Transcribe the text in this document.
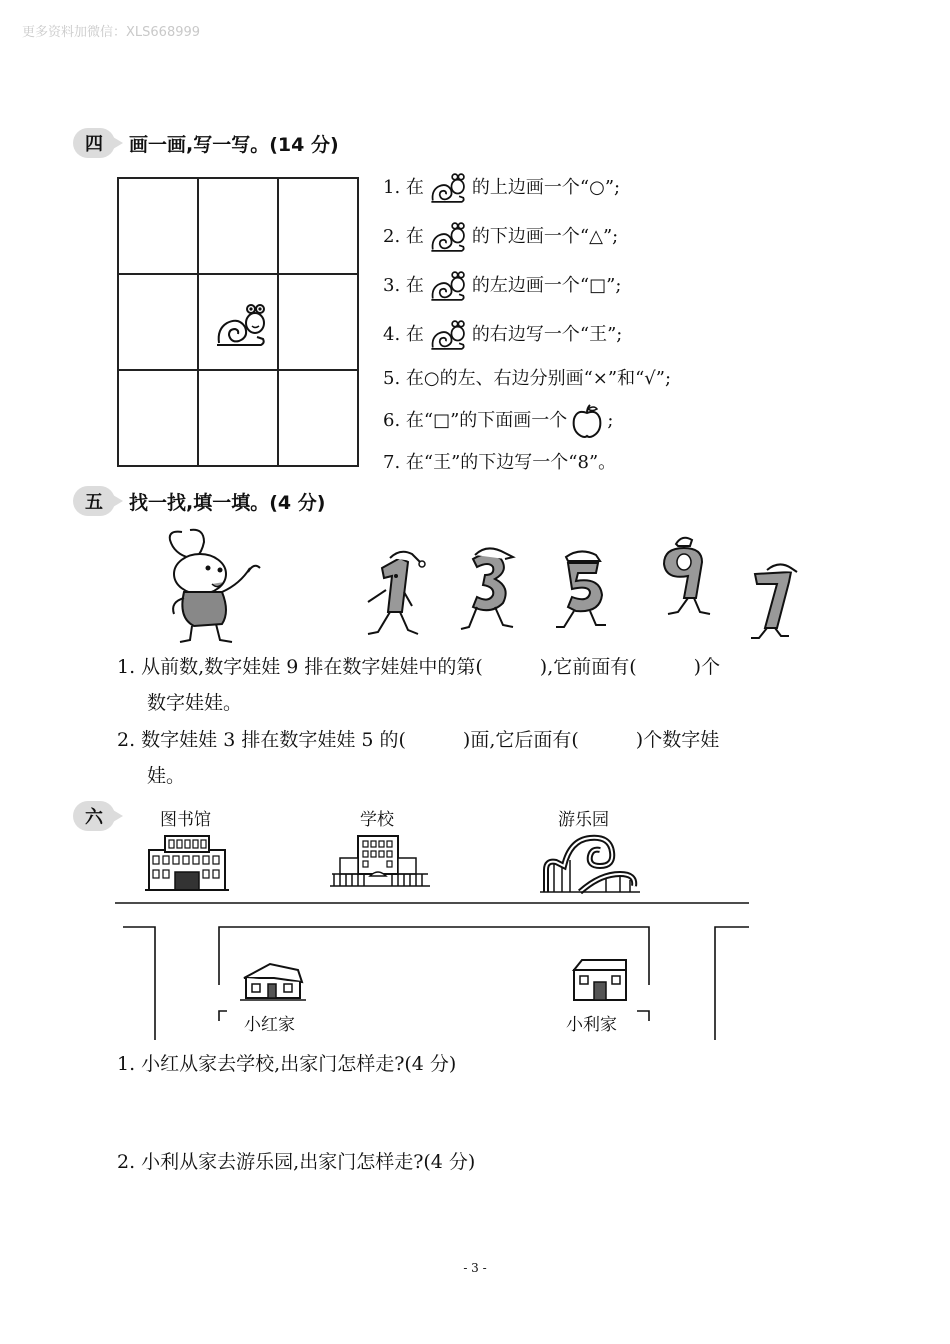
更多资料加微信：XLS668999
四	画一画,写一写。(14 分)
1. 在	的上边画一个“○”;
2. 在	的下边画一个“△”;
3. 在	的左边画一个“□”;
4. 在	的右边写一个“王”;
5. 在○的左、右边分别画“×”和“√”;
6. 在“□”的下面画一个 ;
7. 在“王”的下边写一个“8”。
五	找一找,填一填。(4 分)
1. 从前数,数字娃娃 9 排在数字娃娃中的第(　　　),它前面有(　　　)个
数字娃娃。
2. 数字娃娃 3 排在数字娃娃 5 的(　　　)面,它后面有(　　　)个数字娃
娃。
六	图书馆	学校	游乐园
小红家	小利家
1. 小红从家去学校,出家门怎样走?(4 分)
2. 小利从家去游乐园,出家门怎样走?(4 分)
- 3 -
